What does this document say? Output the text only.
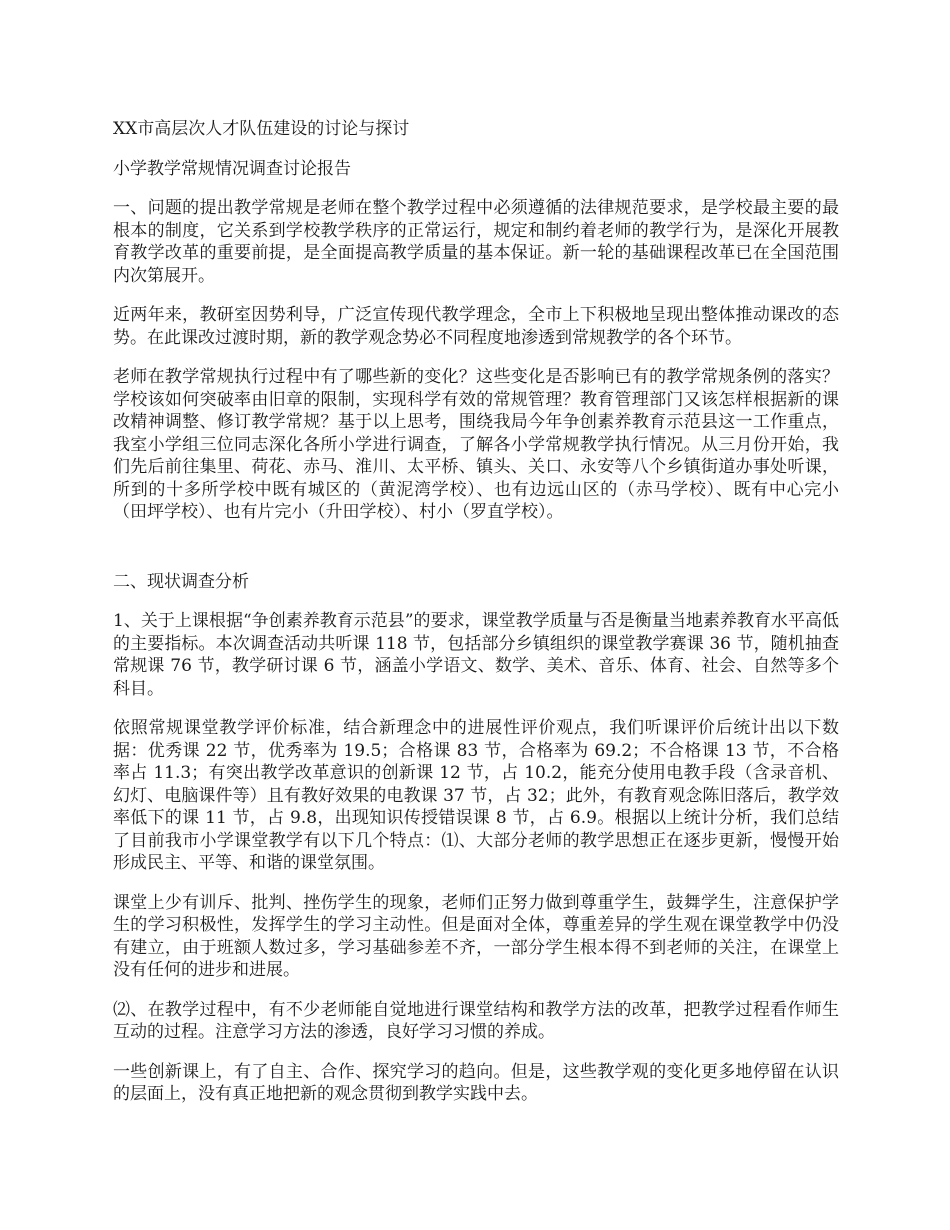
XX市高层次人才队伍建设的讨论与探讨

小学教学常规情况调查讨论报告

一、问题的提出教学常规是老师在整个教学过程中必须遵循的法律规范要求，是学校最主要的最根本的制度，它关系到学校教学秩序的正常运行，规定和制约着老师的教学行为，是深化开展教育教学改革的重要前提，是全面提高教学质量的基本保证。新一轮的基础课程改革已在全国范围内次第展开。

近两年来，教研室因势利导，广泛宣传现代教学理念，全市上下积极地呈现出整体推动课改的态势。在此课改过渡时期，新的教学观念势必不同程度地渗透到常规教学的各个环节。

老师在教学常规执行过程中有了哪些新的变化？这些变化是否影响已有的教学常规条例的落实？学校该如何突破率由旧章的限制，实现科学有效的常规管理？教育管理部门又该怎样根据新的课改精神调整、修订教学常规？基于以上思考，围绕我局今年争创素养教育示范县这一工作重点，我室小学组三位同志深化各所小学进行调查，了解各小学常规教学执行情况。从三月份开始，我们先后前往集里、荷花、赤马、淮川、太平桥、镇头、关口、永安等八个乡镇街道办事处听课，所到的十多所学校中既有城区的（黄泥湾学校）、也有边远山区的（赤马学校）、既有中心完小（田坪学校）、也有片完小（升田学校）、村小（罗直学校）。

二、现状调查分析

1、关于上课根据“争创素养教育示范县”的要求，课堂教学质量与否是衡量当地素养教育水平高低的主要指标。本次调查活动共听课 118 节，包括部分乡镇组织的课堂教学赛课 36 节，随机抽查常规课 76 节，教学研讨课 6 节，涵盖小学语文、数学、美术、音乐、体育、社会、自然等多个科目。

依照常规课堂教学评价标准，结合新理念中的进展性评价观点，我们听课评价后统计出以下数据：优秀课 22 节，优秀率为 19.5；合格课 83 节，合格率为 69.2；不合格课 13 节，不合格率占 11.3；有突出教学改革意识的创新课 12 节，占 10.2，能充分使用电教手段（含录音机、幻灯、电脑课件等）且有教好效果的电教课 37 节，占 32；此外，有教育观念陈旧落后，教学效率低下的课 11 节，占 9.8，出现知识传授错误课 8 节，占 6.9。根据以上统计分析，我们总结了目前我市小学课堂教学有以下几个特点：⑴、大部分老师的教学思想正在逐步更新，慢慢开始形成民主、平等、和谐的课堂氛围。

课堂上少有训斥、批判、挫伤学生的现象，老师们正努力做到尊重学生，鼓舞学生，注意保护学生的学习积极性，发挥学生的学习主动性。但是面对全体，尊重差异的学生观在课堂教学中仍没有建立，由于班额人数过多，学习基础参差不齐，一部分学生根本得不到老师的关注，在课堂上没有任何的进步和进展。

⑵、在教学过程中，有不少老师能自觉地进行课堂结构和教学方法的改革，把教学过程看作师生互动的过程。注意学习方法的渗透，良好学习习惯的养成。

一些创新课上，有了自主、合作、探究学习的趋向。但是，这些教学观的变化更多地停留在认识的层面上，没有真正地把新的观念贯彻到教学实践中去。
